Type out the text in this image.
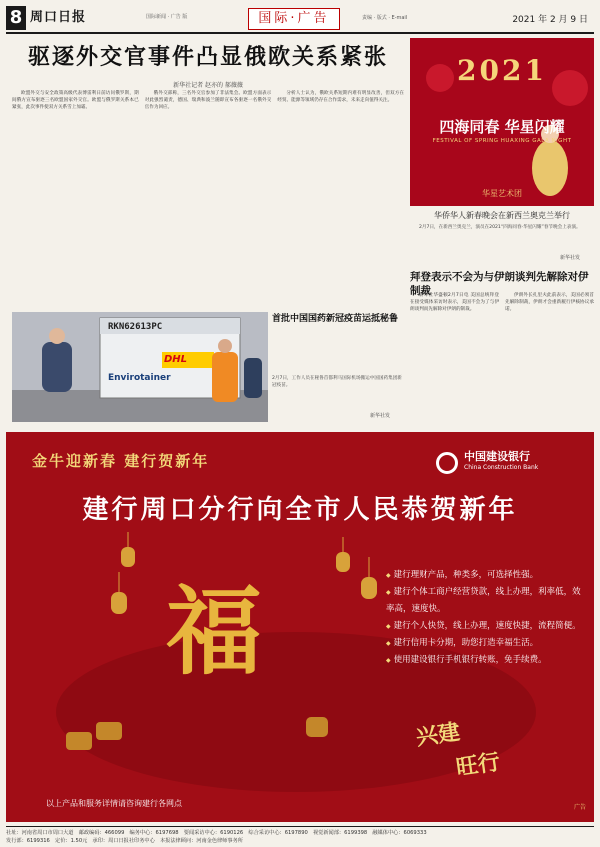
8 周口日报	国际新闻 · 广告 版	国际·广告	责编 · 版式 · E-mail	2021 年 2 月 9 日
驱逐外交官事件凸显俄欧关系紧张
新华社记者 赵亦的 郝薇薇
欧盟外交与安全政策高级代表博雷利日前访问俄罗斯，期间俄方宣布驱逐三名欧盟国家外交官。欧盟与俄罗斯关系本已紧张，此次事件使双方关系雪上加霜。
俄外交部称，三名外交官参加了非法集会。欧盟方面表示对此强烈谴责，德国、瑞典和波兰随即宣布各驱逐一名俄外交官作为回应。
分析人士认为，俄欧关系短期内难有明显改善，但双方在经贸、能源等领域仍存在合作需求，未来走向值得关注。
RKN62613PC
DHL
Envirotainer
首批中国国药新冠疫苗运抵秘鲁
2月7日，工作人员在秘鲁首都利马国际机场搬运中国国药集团新冠疫苗。
新华社发
2021
四海同春 华星闪耀
FESTIVAL OF SPRING HUAXING GALA NIGHT
华星艺术团
华侨华人新春晚会在新西兰奥克兰举行
2月7日，在新西兰奥克兰，演员在2021“四海同春·华星闪耀”春节晚会上表演。
新华社发
拜登表示不会为与伊朗谈判先解除对伊制裁
新华社华盛顿2月7日电 美国总统拜登在接受媒体采访时表示，美国不会为了与伊朗谈判而先解除对伊朗的制裁。
伊朗外长扎里夫此前表示，美国必须首先解除制裁，伊朗才会重新履行伊核协议承诺。
金牛迎新春 建行贺新年	中国建设银行
China Construction Bank
建行周口分行向全市人民恭贺新年
福
◆	建行理财产品，种类多，可选择性强。
◆ 建行个体工商户经营贷款，线上办理，利率低，效率高，速度快。
◆ 建行个人快贷，线上办理，速度快捷，流程简便。
◆ 建行信用卡分期，助您打造幸福生活。
◆ 使用建设银行手机银行转账，免手续费。
兴建
旺行
以上产品和服务详情请咨询建行各网点	广告
社址：河南省周口市周口大道　邮政编码：466099　编务中心：6197698　要闻采访中心：6190126　综合采访中心：6197890　视觉新闻部：6199398　融媒体中心：6069333
发行部：6199316　定价：1.50元　承印：周口日报社印务中心　本报法律顾问：河南金色律师事务所
